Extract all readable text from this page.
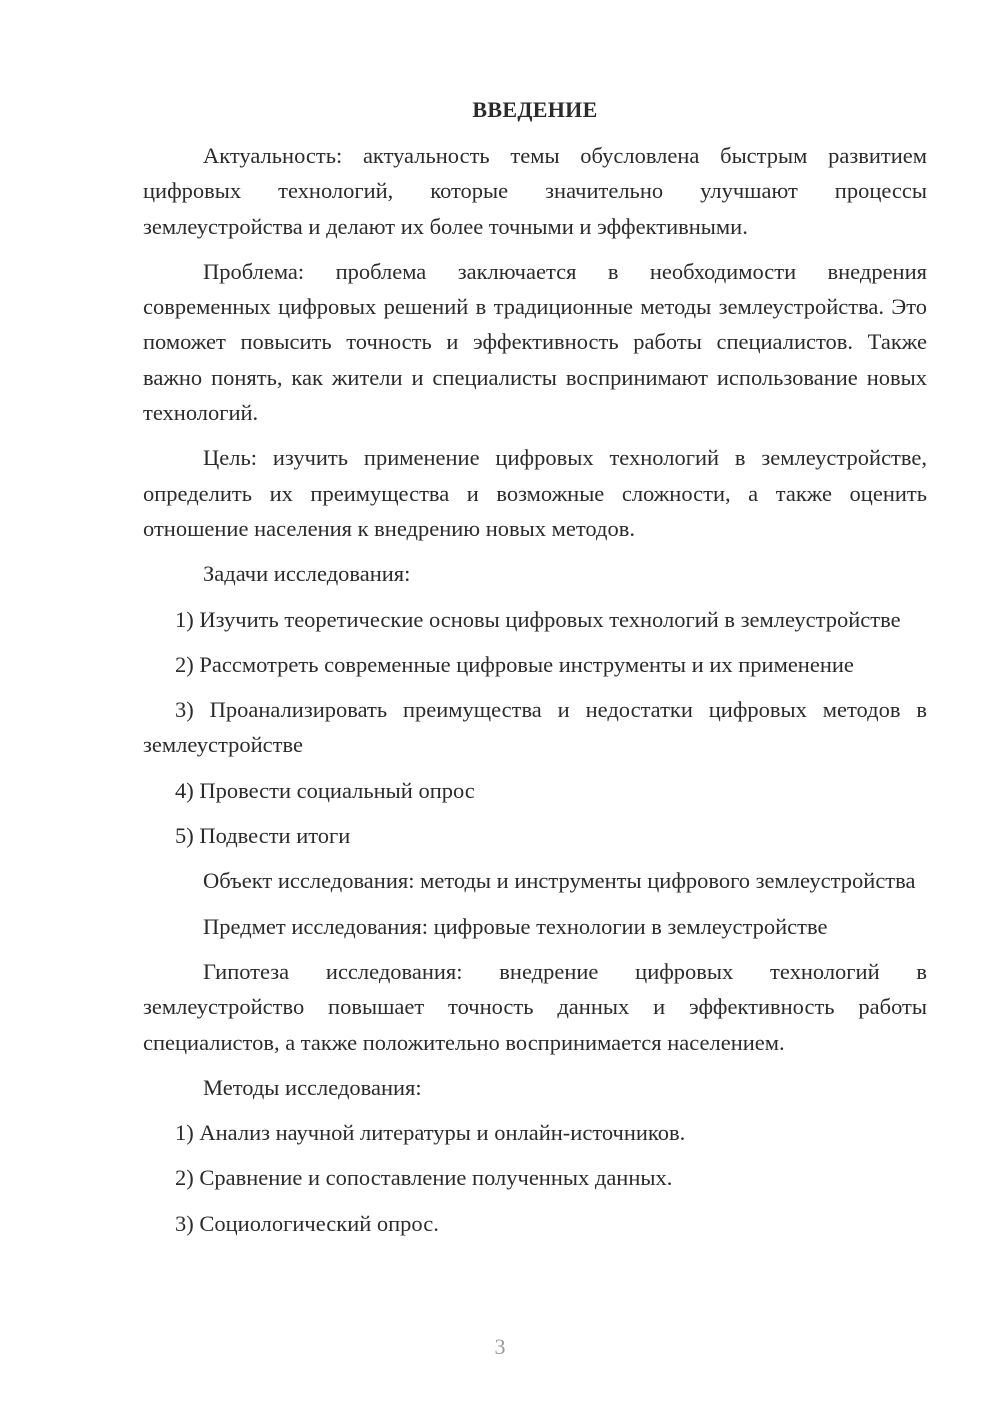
ВВЕДЕНИЕ
Актуальность: актуальность темы обусловлена быстрым развитием цифровых технологий, которые значительно улучшают процессы землеустройства и делают их более точными и эффективными.
Проблема: проблема заключается в необходимости внедрения современных цифровых решений в традиционные методы землеустройства. Это поможет повысить точность и эффективность работы специалистов. Также важно понять, как жители и специалисты воспринимают использование новых технологий.
Цель: изучить применение цифровых технологий в землеустройстве, определить их преимущества и возможные сложности, а также оценить отношение населения к внедрению новых методов.
Задачи исследования:
1) Изучить теоретические основы цифровых технологий в землеустройстве
2) Рассмотреть современные цифровые инструменты и их применение
3) Проанализировать преимущества и недостатки цифровых методов в землеустройстве
4) Провести социальный опрос
5) Подвести итоги
Объект исследования: методы и инструменты цифрового землеустройства
Предмет исследования: цифровые технологии в землеустройстве
Гипотеза исследования: внедрение цифровых технологий в землеустройство повышает точность данных и эффективность работы специалистов, а также положительно воспринимается населением.
Методы исследования:
1) Анализ научной литературы и онлайн-источников.
2) Сравнение и сопоставление полученных данных.
3) Социологический опрос.
3
